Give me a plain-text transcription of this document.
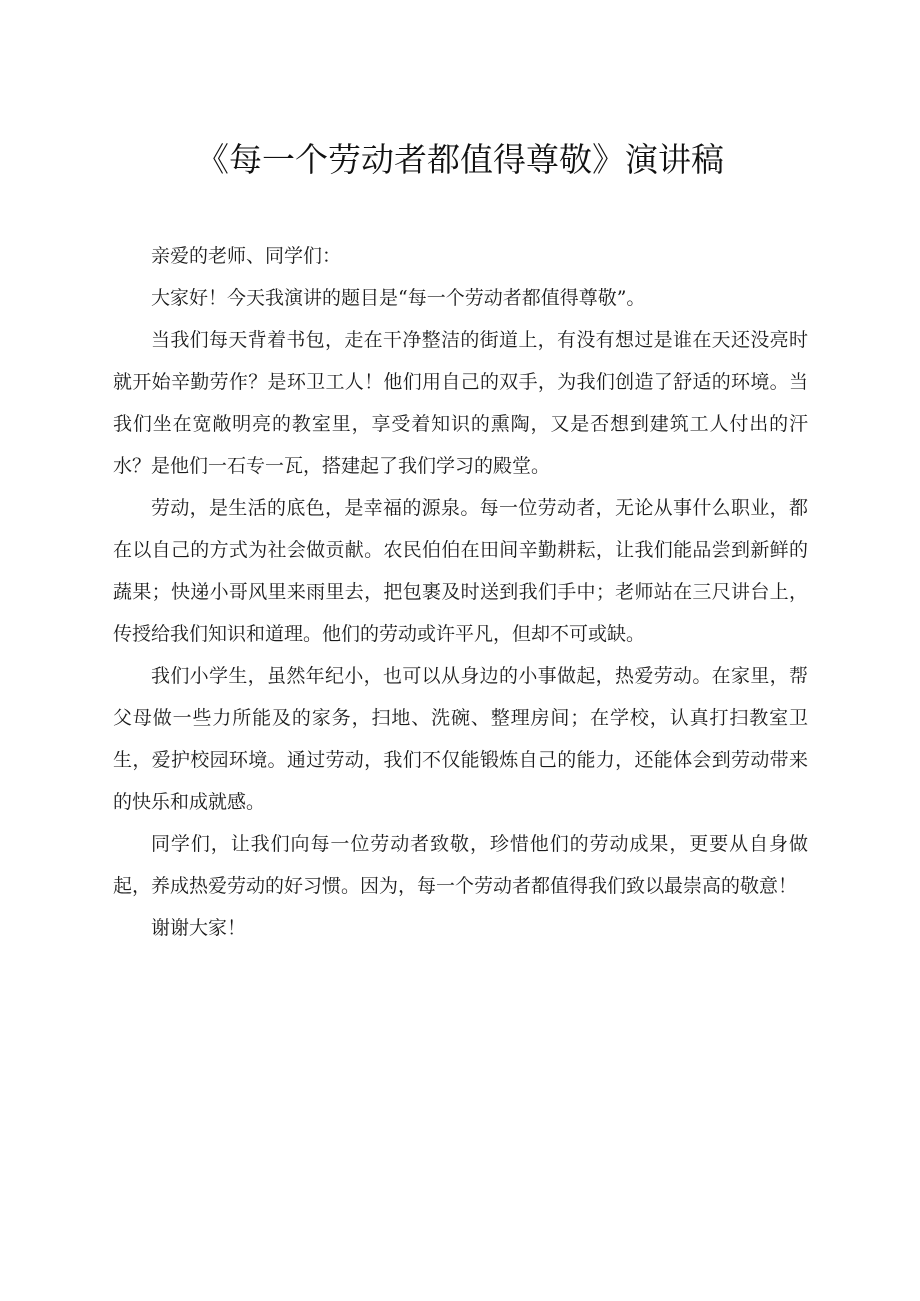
《每一个劳动者都值得尊敬》演讲稿

亲爱的老师、同学们：

大家好！今天我演讲的题目是“每一个劳动者都值得尊敬”。

当我们每天背着书包，走在干净整洁的街道上，有没有想过是谁在天还没亮时就开始辛勤劳作？是环卫工人！他们用自己的双手，为我们创造了舒适的环境。当我们坐在宽敞明亮的教室里，享受着知识的熏陶，又是否想到建筑工人付出的汗水？是他们一石专一瓦，搭建起了我们学习的殿堂。

劳动，是生活的底色，是幸福的源泉。每一位劳动者，无论从事什么职业，都在以自己的方式为社会做贡献。农民伯伯在田间辛勤耕耘，让我们能品尝到新鲜的蔬果；快递小哥风里来雨里去，把包裹及时送到我们手中；老师站在三尺讲台上，传授给我们知识和道理。他们的劳动或许平凡，但却不可或缺。

我们小学生，虽然年纪小，也可以从身边的小事做起，热爱劳动。在家里，帮父母做一些力所能及的家务，扫地、洗碗、整理房间；在学校，认真打扫教室卫生，爱护校园环境。通过劳动，我们不仅能锻炼自己的能力，还能体会到劳动带来的快乐和成就感。

同学们，让我们向每一位劳动者致敬，珍惜他们的劳动成果，更要从自身做起，养成热爱劳动的好习惯。因为，每一个劳动者都值得我们致以最崇高的敬意！

谢谢大家！
